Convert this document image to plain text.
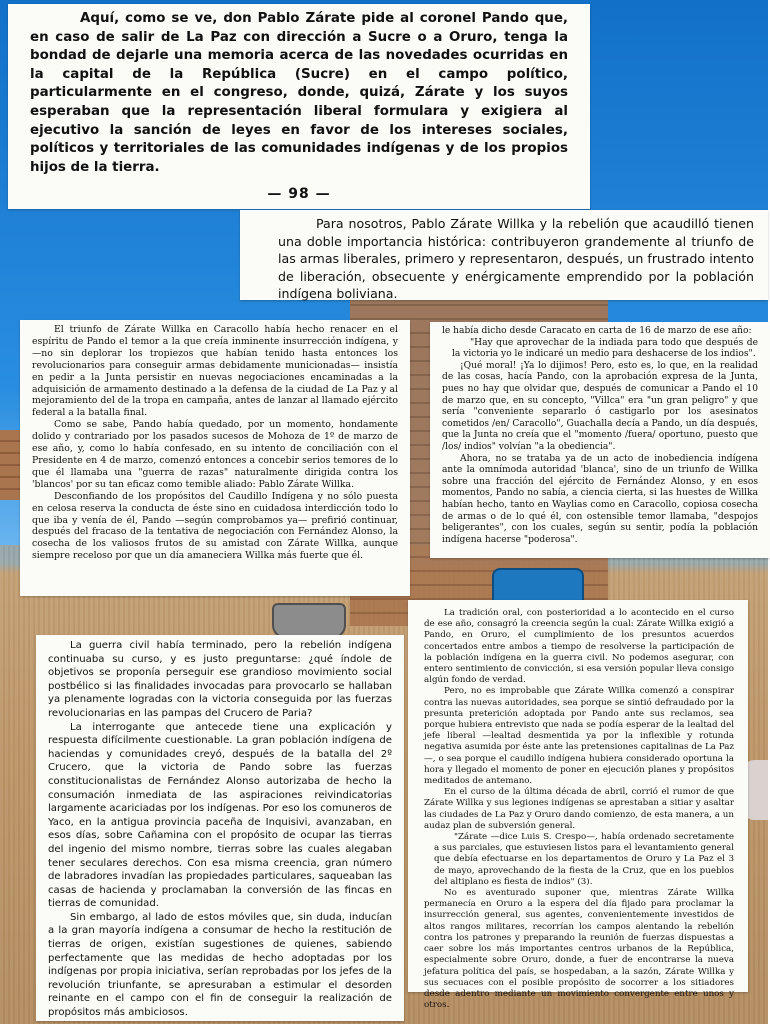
Aquí, como se ve, don Pablo Zárate pide al coronel Pando que, en caso de salir de La Paz con dirección a Sucre o a Oruro, tenga la bondad de dejarle una memoria acerca de las novedades ocurridas en la capital de la República (Sucre) en el campo político, particularmente en el congreso, donde, quizá, Zárate y los suyos esperaban que la representación liberal formulara y exigiera al ejecutivo la sanción de leyes en favor de los intereses sociales, políticos y territoriales de las comunidades indígenas y de los propios hijos de la tierra.

— 98 —

Para nosotros, Pablo Zárate Willka y la rebelión que acaudilló tienen una doble importancia histórica: contribuyeron grandemente al triunfo de las armas liberales, primero y representaron, después, un frustrado intento de liberación, obsecuente y enérgicamente emprendido por la población indígena boliviana.

El triunfo de Zárate Willka en Caracollo había hecho renacer en el espíritu de Pando el temor a la que creía inminente insurrección indígena, y —no sin deplorar los tropiezos que habían tenido hasta entonces los revolucionarios para conseguir armas debidamente municionadas— insistía en pedir a la Junta persistir en nuevas negociaciones encaminadas a la adquisición de armamento destinado a la defensa de la ciudad de La Paz y al mejoramiento del de la tropa en campaña, antes de lanzar al llamado ejército federal a la batalla final.

Como se sabe, Pando había quedado, por un momento, hondamente dolido y contrariado por los pasados sucesos de Mohoza de 1º de marzo de ese año, y, como lo había confesado, en su intento de conciliación con el Presidente en 4 de marzo, comenzó entonces a concebir serios temores de lo que él llamaba una "guerra de razas" naturalmente dirigida contra los 'blancos' por su tan eficaz como temible aliado: Pablo Zárate Willka.

Desconfiando de los propósitos del Caudillo Indígena y no sólo puesta en celosa reserva la conducta de éste sino en cuidadosa interdicción todo lo que iba y venía de él, Pando —según comprobamos ya— prefirió continuar, después del fracaso de la tentativa de negociación con Fernández Alonso, la cosecha de los valiosos frutos de su amistad con Zárate Willka, aunque siempre receloso por que un día amaneciera Willka más fuerte que él.

le había dicho desde Caracato en carta de 16 de marzo de ese año:

"Hay que aprovechar de la indiada para todo que después de la victoria yo le indicaré un medio para deshacerse de los indios".

¡Qué moral! ¡Ya lo dijimos! Pero, esto es, lo que, en la realidad de las cosas, hacía Pando, con la aprobación expresa de la Junta, pues no hay que olvidar que, después de comunicar a Pando el 10 de marzo que, en su concepto, "Villca" era "un gran peligro" y que sería "conveniente separarlo ó castigarlo por los asesinatos cometidos /en/ Caracollo", Guachalla decía a Pando, un día después, que la Junta no creía que el "momento /fuera/ oportuno, puesto que /los/ indios" volvían "a la obediencia".

Ahora, no se trataba ya de un acto de inobediencia indígena ante la omnímoda autoridad 'blanca', sino de un triunfo de Willka sobre una fracción del ejército de Fernández Alonso, y en esos momentos, Pando no sabía, a ciencia cierta, si las huestes de Willka habían hecho, tanto en Waylias como en Caracollo, copiosa cosecha de armas o de lo qué él, con ostensible temor llamaba, "despojos beligerantes", con los cuales, según su sentir, podía la población indígena hacerse "poderosa".

La guerra civil había terminado, pero la rebelión indígena continuaba su curso, y es justo preguntarse: ¿qué índole de objetivos se proponía perseguir ese grandioso movimiento social postbélico si las finalidades invocadas para provocarlo se hallaban ya plenamente logradas con la victoria conseguida por las fuerzas revolucionarias en las pampas del Crucero de Paria?

La interrogante que antecede tiene una explicación y respuesta difícilmente cuestionable. La gran población indígena de haciendas y comunidades creyó, después de la batalla del 2º Crucero, que la victoria de Pando sobre las fuerzas constitucionalistas de Fernández Alonso autorizaba de hecho la consumación inmediata de las aspiraciones reivindicatorias largamente acariciadas por los indígenas. Por eso los comuneros de Yaco, en la antigua provincia paceña de Inquisivi, avanzaban, en esos días, sobre Cañamina con el propósito de ocupar las tierras del ingenio del mismo nombre, tierras sobre las cuales alegaban tener seculares derechos. Con esa misma creencia, gran número de labradores invadían las propiedades particulares, saqueaban las casas de hacienda y proclamaban la conversión de las fincas en tierras de comunidad.

Sin embargo, al lado de estos móviles que, sin duda, inducían a la gran mayoría indígena a consumar de hecho la restitución de tierras de origen, existían sugestiones de quienes, sabiendo perfectamente que las medidas de hecho adoptadas por los indígenas por propia iniciativa, serían reprobadas por los jefes de la revolución triunfante, se apresuraban a estimular el desorden reinante en el campo con el fin de conseguir la realización de propósitos más ambiciosos.

La tradición oral, con posterioridad a lo acontecido en el curso de ese año, consagró la creencia según la cual: Zárate Willka exigió a Pando, en Oruro, el cumplimiento de los presuntos acuerdos concertados entre ambos a tiempo de resolverse la participación de la población indígena en la guerra civil. No podemos asegurar, con entero sentimiento de convicción, si esa versión popular lleva consigo algún fondo de verdad.

Pero, no es improbable que Zárate Willka comenzó a conspirar contra las nuevas autoridades, sea porque se sintió defraudado por la presunta preterición adoptada por Pando ante sus reclamos, sea porque hubiera entrevisto que nada se podía esperar de la lealtad del jefe liberal —lealtad desmentida ya por la inflexible y rotunda negativa asumida por éste ante las pretensiones capitalinas de La Paz—, o sea porque el caudillo indígena hubiera considerado oportuna la hora y llegado el momento de poner en ejecución planes y propósitos meditados de antemano.

En el curso de la última década de abril, corrió el rumor de que Zárate Willka y sus legiones indígenas se aprestaban a sitiar y asaltar las ciudades de La Paz y Oruro dando comienzo, de esta manera, a un audaz plan de subversión general.

"Zárate —dice Luis S. Crespo—, había ordenado secretamente a sus parciales, que estuviesen listos para el levantamiento general que debía efectuarse en los departamentos de Oruro y La Paz el 3 de mayo, aprovechando de la fiesta de la Cruz, que en los pueblos del altiplano es fiesta de indios" (3).

No es aventurado suponer que, mientras Zárate Willka permanecía en Oruro a la espera del día fijado para proclamar la insurrección general, sus agentes, convenientemente investidos de altos rangos militares, recorrían los campos alentando la rebelión contra los patrones y preparando la reunión de fuerzas dispuestas a caer sobre los más importantes centros urbanos de la República, especialmente sobre Oruro, donde, a fuer de encontrarse la nueva jefatura política del país, se hospedaban, a la sazón, Zárate Willka y sus secuaces con el posible propósito de socorrer a los sitiadores desde adentro mediante un movimiento convergente entre unos y otros.
